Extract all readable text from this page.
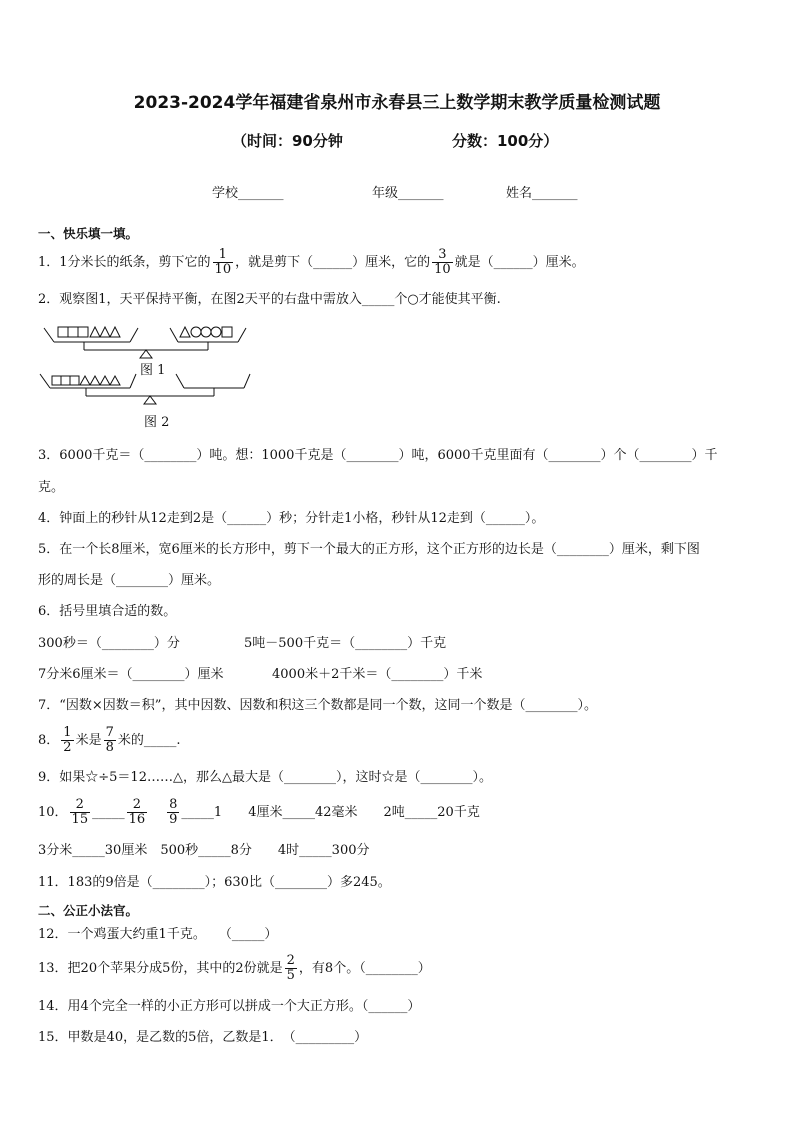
2023-2024学年福建省泉州市永春县三上数学期末教学质量检测试题
（时间：90分钟	分数：100分）
学校_______	年级_______	姓名_______
一、快乐填一填。
1．1分米长的纸条，剪下它的 $\frac{1}{10}$ ，就是剪下（______）厘米，它的 $\frac{3}{10}$ 就是（______）厘米。
2．观察图1，天平保持平衡，在图2天平的右盘中需放入_____个○才能使其平衡.
图 1
图 2
3．6000千克＝（________）吨。想：1000千克是（________）吨，6000千克里面有（________）个（________）千
克。
4．钟面上的秒针从12走到2是（______）秒；分针走1小格，秒针从12走到（______）。
5．在一个长8厘米，宽6厘米的长方形中，剪下一个最大的正方形，这个正方形的边长是（________）厘米，剩下图
形的周长是（________）厘米。
6．括号里填合适的数。
300秒＝（________）分	5吨－500千克＝（________）千克
7分米6厘米＝（________）厘米	4000米＋2千米＝（________）千米
7．“因数×因数＝积”，其中因数、因数和积这三个数都是同一个数，这同一个数是（________）。
8． $\frac{1}{2}$ 米是 $\frac{7}{8}$ 米的_____.
9．如果☆÷5＝12……△，那么△最大是（________），这时☆是（________）。
10． $\frac{2}{15}$ _____ $\frac{2}{16} \frac{8}{9}$ _____1　　4厘米_____42毫米　　2吨_____20千克
3分米_____30厘米　500秒_____8分　　4时_____300分
11．183的9倍是（________）；630比（________）多245。
二、公正小法官。
12．一个鸡蛋大约重1千克。　　（_____）
13．把20个苹果分成5份，其中的2份就是 $\frac{2}{5}$ ，有8个。（________）
14．用4个完全一样的小正方形可以拼成一个大正方形。（______）
15．甲数是40，是乙数的5倍，乙数是1．　（_________）
